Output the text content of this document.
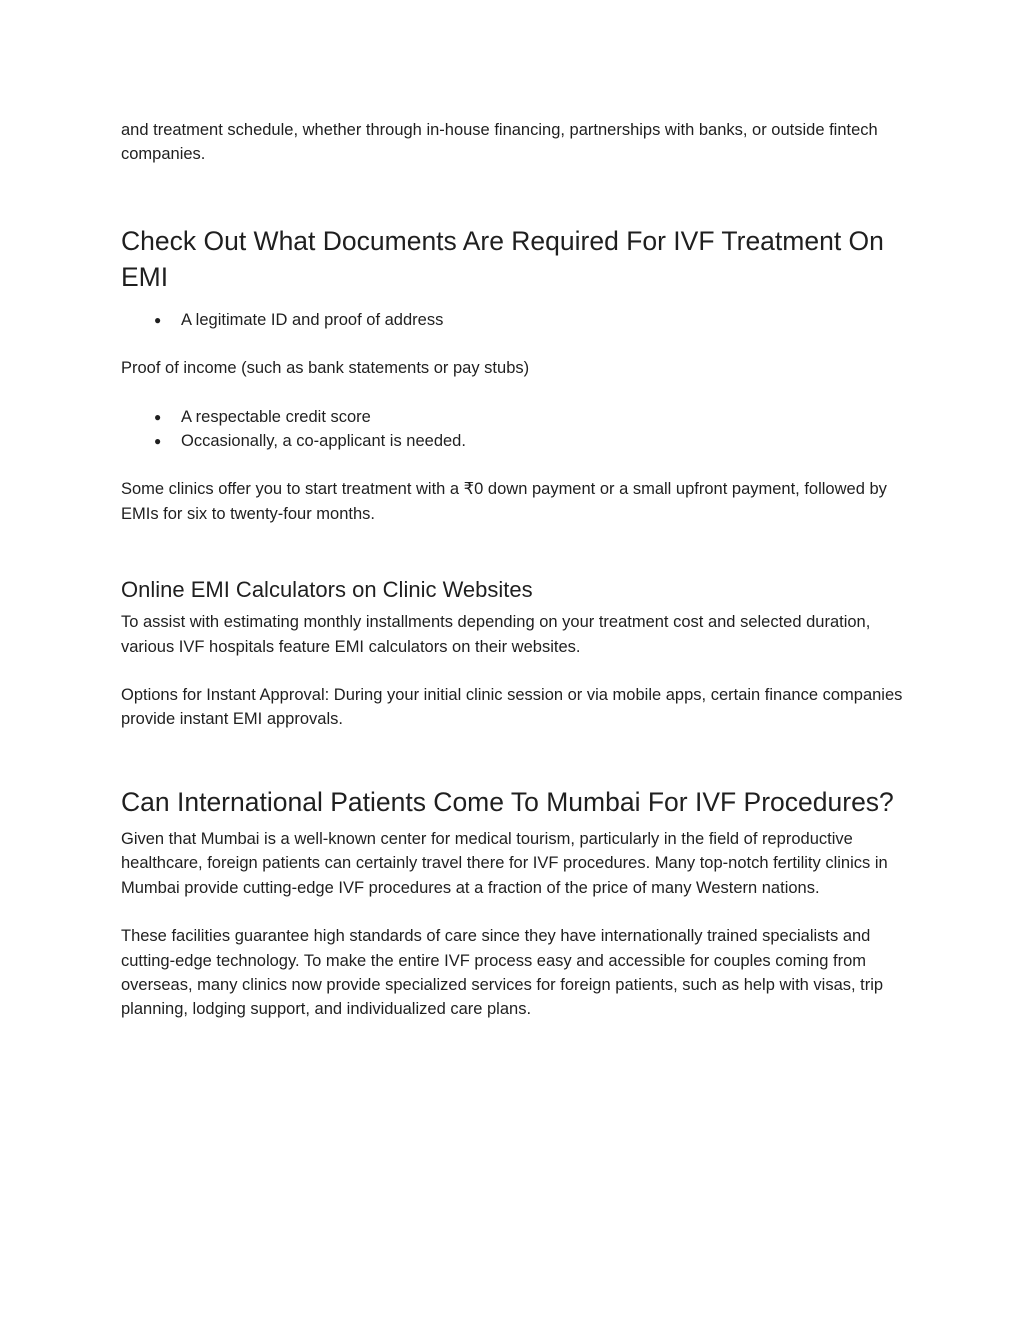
and treatment schedule, whether through in-house financing, partnerships with banks, or outside fintech companies.

Check Out What Documents Are Required For IVF Treatment On EMI
● A legitimate ID and proof of address

Proof of income (such as bank statements or pay stubs)

● A respectable credit score
● Occasionally, a co-applicant is needed.

Some clinics offer you to start treatment with a ₹0 down payment or a small upfront payment, followed by EMIs for six to twenty-four months.

Online EMI Calculators on Clinic Websites

To assist with estimating monthly installments depending on your treatment cost and selected duration, various IVF hospitals feature EMI calculators on their websites.

Options for Instant Approval: During your initial clinic session or via mobile apps, certain finance companies provide instant EMI approvals.

Can International Patients Come To Mumbai For IVF Procedures?

Given that Mumbai is a well-known center for medical tourism, particularly in the field of reproductive healthcare, foreign patients can certainly travel there for IVF procedures. Many top-notch fertility clinics in Mumbai provide cutting-edge IVF procedures at a fraction of the price of many Western nations.

These facilities guarantee high standards of care since they have internationally trained specialists and cutting-edge technology. To make the entire IVF process easy and accessible for couples coming from overseas, many clinics now provide specialized services for foreign patients, such as help with visas, trip planning, lodging support, and individualized care plans.
